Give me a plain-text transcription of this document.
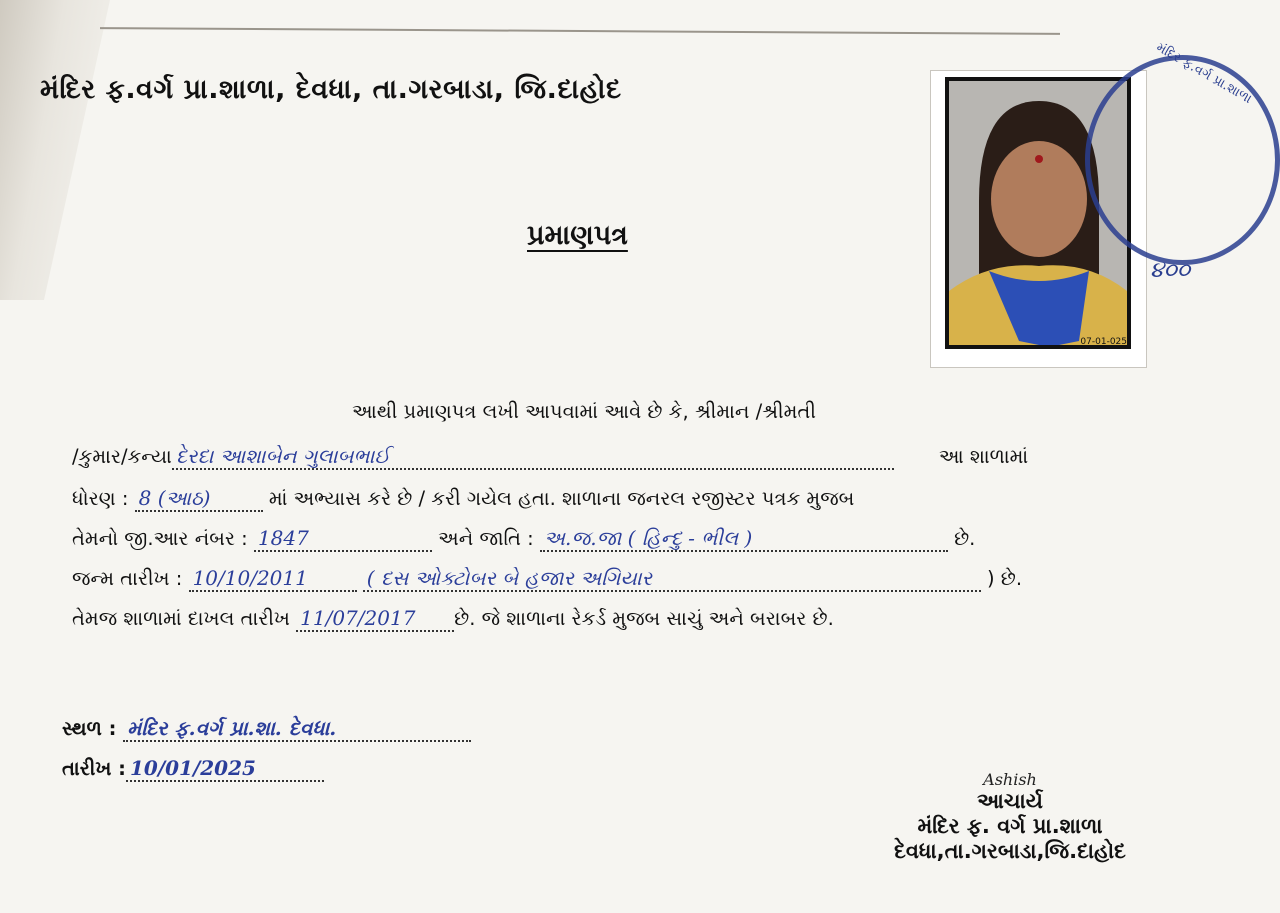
મંદિર ફ.વર્ગ પ્રા.શાળા, દેવધા, તા.ગરબાડા, જિ.દાહોદ
પ્રમાણપત્ર
07-01-025
મંદિર ફ.વર્ગ પ્રા.શાળા
૪૦૦
આથી પ્રમાણપત્ર લખી આપવામાં આવે છે કે, શ્રીમાન /શ્રીમતી
/કુમાર/કન્યા દેરદા આશાબેન ગુલાબભાઈ	આ શાળામાં
ધોરણ : 8 (આઠ)	માં અભ્યાસ કરે છે / કરી ગયેલ હતા. શાળાના જનરલ રજીસ્ટર પત્રક મુજબ
તેમનો જી.આર નંબર : 1847	અને જાતિ : અ.જ.જા ( હિન્દુ - ભીલ )	છે.
જન્મ તારીખ : 10/10/2011	( દસ ઓક્ટોબર બે હજાર અગિયાર	) છે.
તેમજ શાળામાં દાખલ તારીખ 11/07/2017 છે. જે શાળાના રેકર્ડ મુજબ સાચું અને બરાબર છે.
સ્થળ : મંદિર ફ.વર્ગ પ્રા.શા. દેવધા.
તારીખ : 10/01/2025	Ashish
આચાર્ય
મંદિર ફ. વર્ગ પ્રા.શાળા
દેવધા,તા.ગરબાડા,જિ.દાહોદ
